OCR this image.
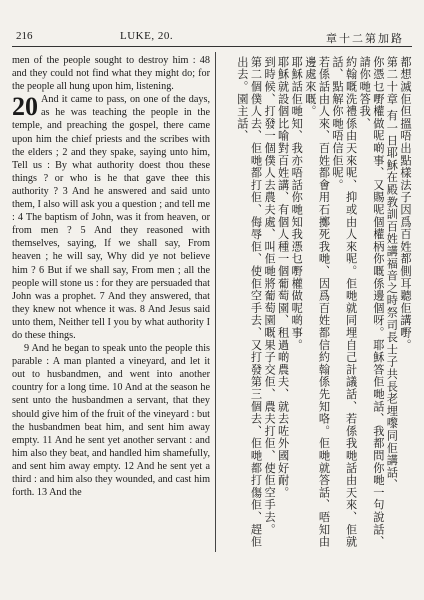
216	LUKE, 20.	章十二第加路

men of the people sought to destroy him : 48 and they could not find what they might do; for the people all hung upon him, listening.

20 And it came to pass, on one of the days, as he was teaching the people in the temple, and preaching the gospel, there came upon him the chief priests and the scribes with the elders ; 2 and they spake, saying unto him, Tell us : By what authority doest thou these things ? or who is he that gave thee this authority ? 3 And he answered and said unto them, I also will ask you a question ; and tell me : 4 The baptism of John, was it from heaven, or from men ? 5 And they reasoned with themselves, saying, If we shall say, From heaven ; he will say, Why did ye not believe him ? 6 But if we shall say, From men ; all the people will stone us : for they are persuaded that John was a prophet. 7 And they answered, that they knew not whence it was. 8 And Jesus said unto them, Neither tell I you by what authority I do these things.

9 And he began to speak unto the people this parable : A man planted a vineyard, and let it out to husbandmen, and went into another country for a long time. 10 And at the season he sent unto the husbandmen a servant, that they should give him of the fruit of the vineyard : but the husbandmen beat him, and sent him away empty. 11 And he sent yet another servant : and him also they beat, and handled him shamefully, and sent him away empty. 12 And he sent yet a third : and him also they wounded, and cast him forth. 13 And the

都想滅佢但搵唔出點樣法子因爲百姓都側耳聽佢講嘢。
第二十章 有一日耶穌在殿教訓百姓講福音之時祭司長士子共長老埋嚟同佢講話、
你憑乜嘢權做呢啲事、又賜呢個權柄你嘅係邊個呀。耶穌答佢哋話、我都問你哋一句說話、請你哋答我、
約翰嘅洗禮係由天來呢、抑或由人來呢。佢哋就同埋自己計議話、若係我哋話由天來、佢就話、點解你哋唔信佢呢。
若係話由人來、百姓都會用石擲死我哋、因爲百姓都信約翰係先知咯。佢哋就答話、唔知由邊處來嘅。
耶穌話佢哋知、我亦唔話你哋知我憑乜嘢權做呢啲事。
耶穌就設個比喻對百姓講、有個人種一個葡萄園、租過啲農夫、就去咗外國好耐。
到時候、打發一個僕人去農夫處、叫佢哋將葡萄園嘅果子交佢、農夫打佢、使佢空手去。
第二個僕人去、佢哋都打佢、侮辱佢、使佢空手去、又打發第三個去、佢哋都打傷佢、趕佢出去。園主話、
